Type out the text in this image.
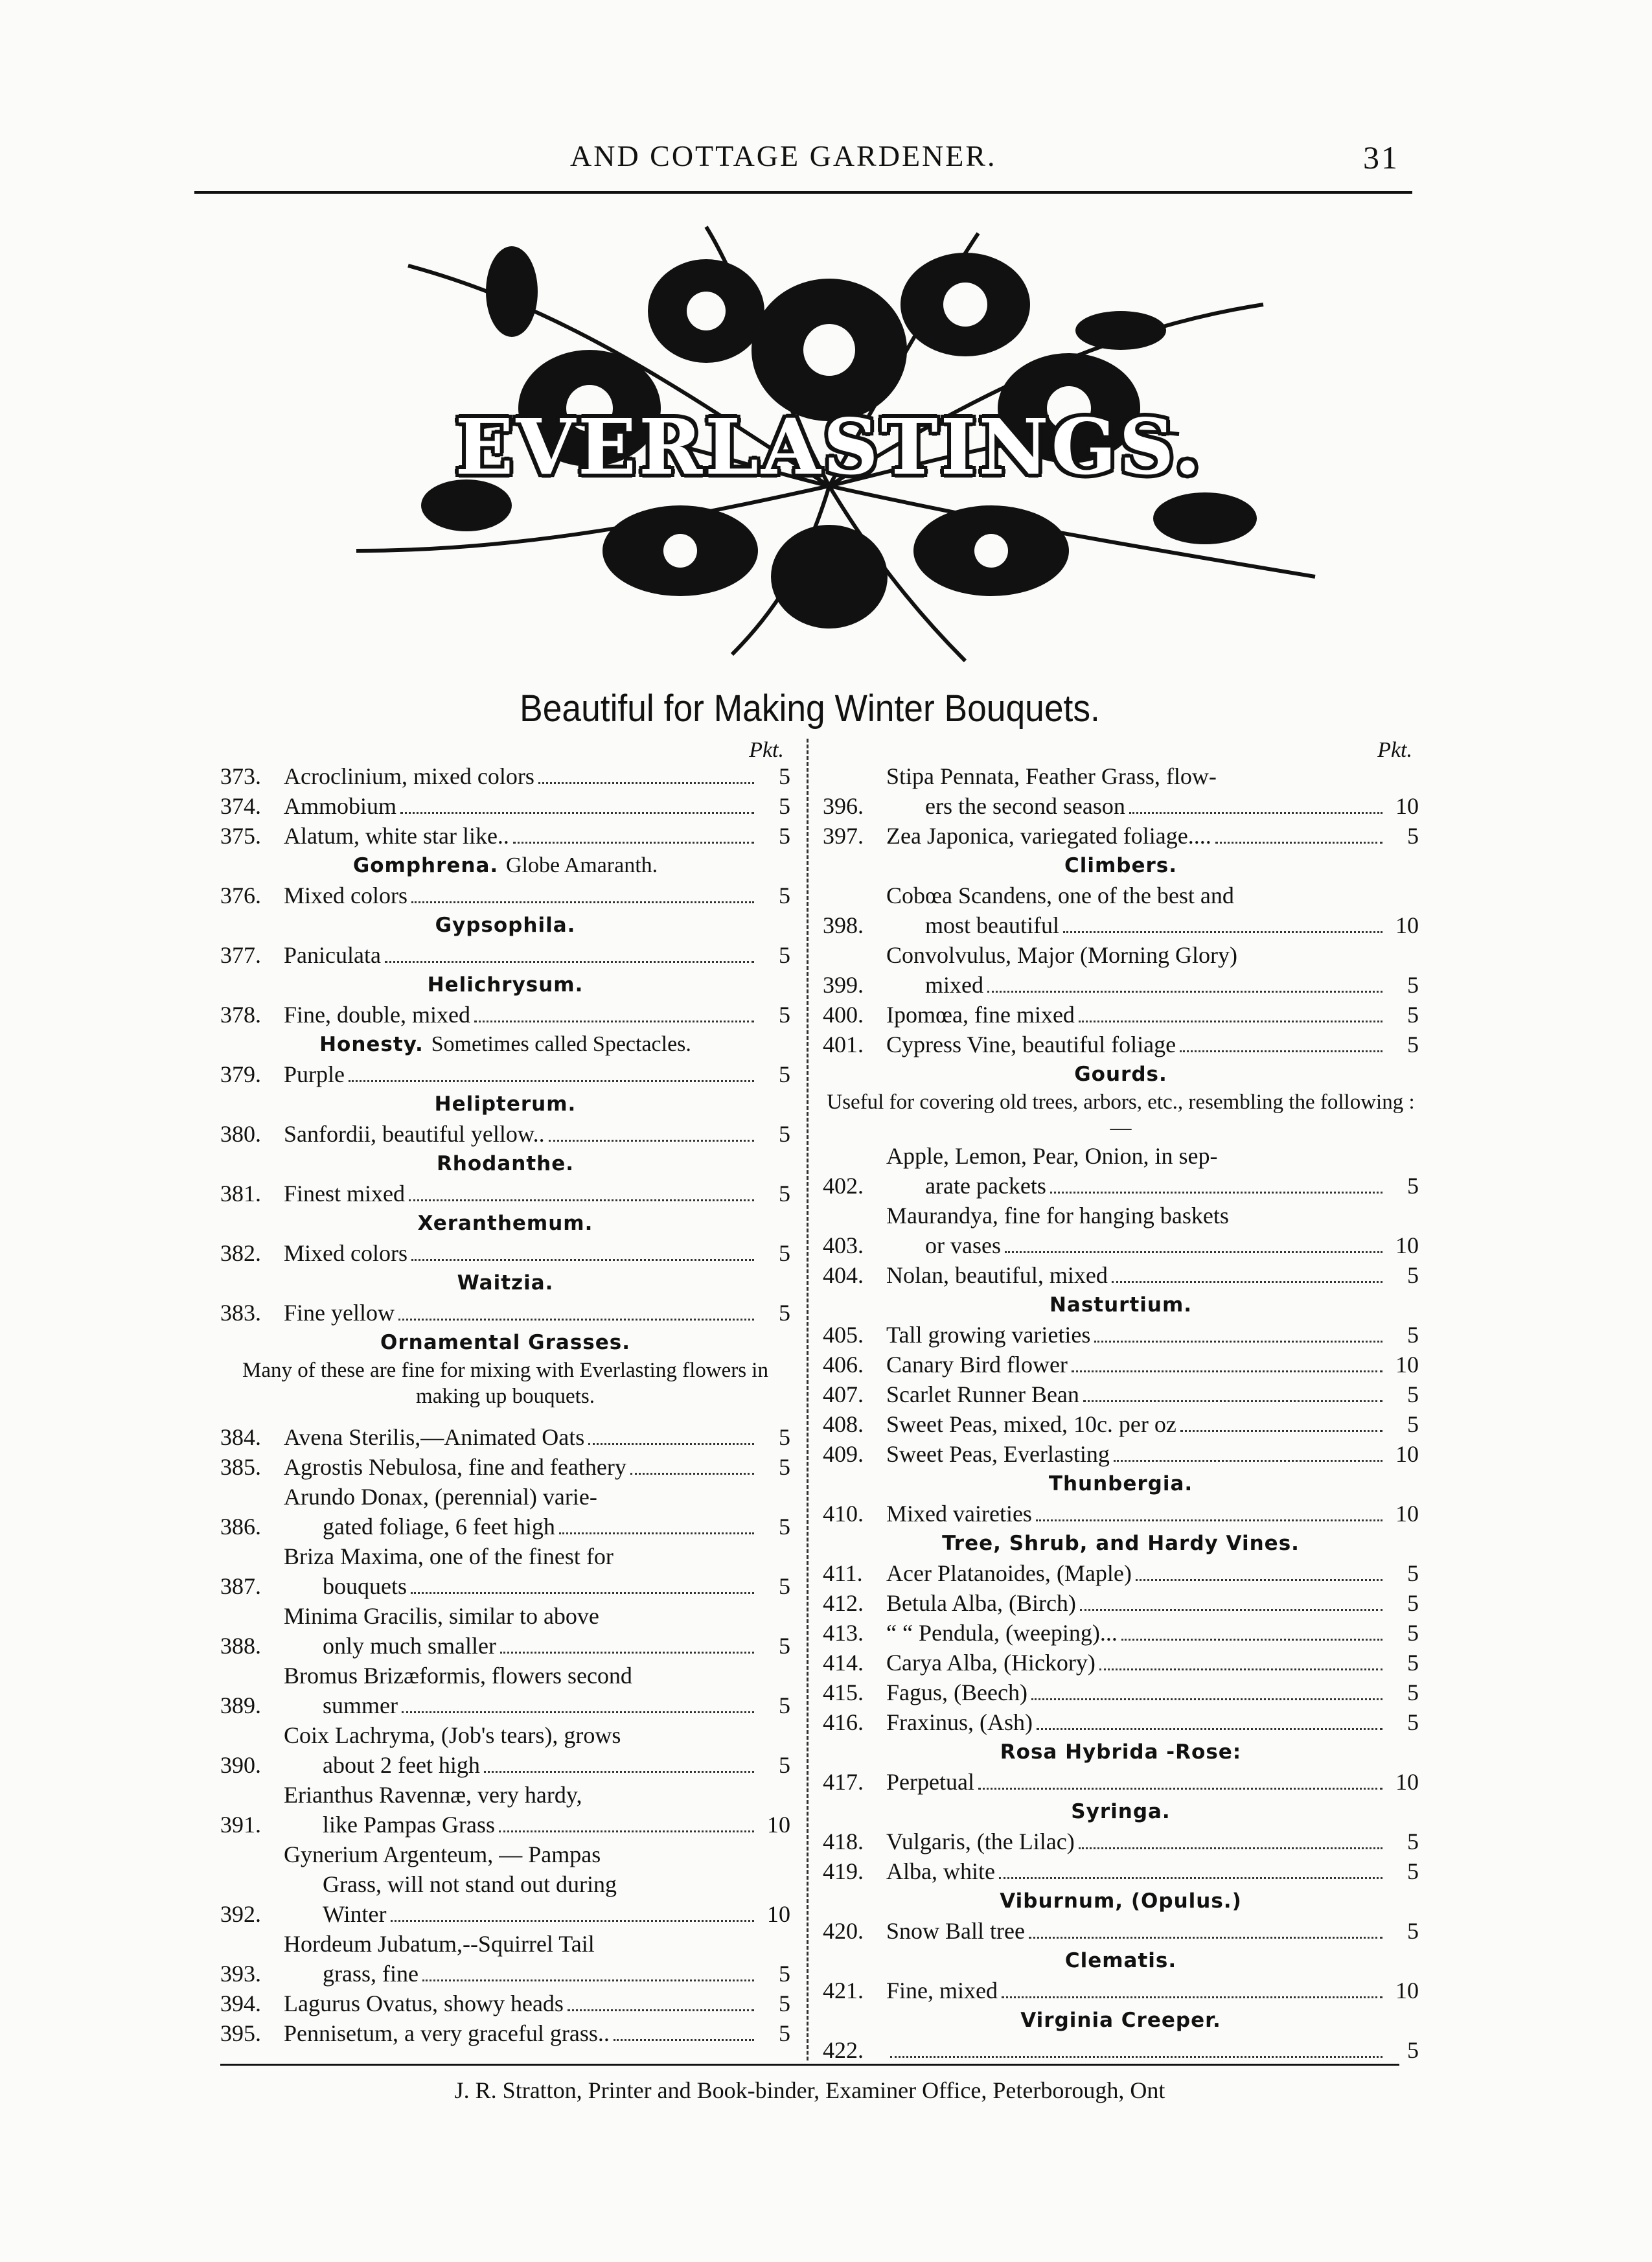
AND COTTAGE GARDENER.	31
EVERLASTINGS.
Beautiful for Making Winter Bouquets.
Pkt.
373. Acroclinium, mixed colors	5
374. Ammobium	5
375. Alatum, white star like..	5
Gomphrena. Globe Amaranth.
376. Mixed colors	5
Gypsophila.
377. Paniculata	5
Helichrysum.
378. Fine, double, mixed	5
Honesty. Sometimes called Spectacles.
379. Purple	5
Helipterum.
380. Sanfordii, beautiful yellow..	5
Rhodanthe.
381. Finest mixed	5
Xeranthemum.
382. Mixed colors	5
Waitzia.
383. Fine yellow	5
Ornamental Grasses.
Many of these are fine for mixing with Everlasting flowers in making up bouquets.
384. Avena Sterilis,—Animated Oats	5
385. Agrostis Nebulosa, fine and feathery	5
386.
Arundo Donax, (perennial) varie-
gated foliage, 6 feet high	5
387.
Briza Maxima, one of the finest for
bouquets	5
388.
Minima Gracilis, similar to above
only much smaller	5
389.
Bromus Brizæformis, flowers second
summer	5
390.
Coix Lachryma, (Job's tears), grows
about 2 feet high	5
391.
Erianthus Ravennæ, very hardy,
like Pampas Grass	10
392.
Gynerium Argenteum, — Pampas
Grass, will not stand out during
Winter	10
393.
Hordeum Jubatum,--Squirrel Tail
grass, fine	5
394. Lagurus Ovatus, showy heads	5
395. Pennisetum, a very graceful grass..	5
Pkt.
396.
Stipa Pennata, Feather Grass, flow-
ers the second season	10
397. Zea Japonica, variegated foliage....	5
Climbers.
398.
Cobœa Scandens, one of the best and
most beautiful	10
399.
Convolvulus, Major (Morning Glory)
mixed	5
400. Ipomœa, fine mixed	5
401. Cypress Vine, beautiful foliage	5
Gourds.
Useful for covering old trees, arbors, etc., resembling the following :—
402.
Apple, Lemon, Pear, Onion, in sep-
arate packets	5
403.
Maurandya, fine for hanging baskets
or vases	10
404. Nolan, beautiful, mixed	5
Nasturtium.
405. Tall growing varieties	5
406. Canary Bird flower	10
407. Scarlet Runner Bean	5
408. Sweet Peas, mixed, 10c. per oz	5
409. Sweet Peas, Everlasting	10
Thunbergia.
410. Mixed vaireties	10
Tree, Shrub, and Hardy Vines.
411.	Acer Platanoides, (Maple)	5
412. Betula Alba, (Birch)	5
413. “ “ Pendula, (weeping)...	5
414. Carya Alba, (Hickory)	5
415. Fagus, (Beech)	5
416. Fraxinus, (Ash)	5
Rosa Hybrida -Rose:
417. Perpetual	10
Syringa.
418. Vulgaris, (the Lilac)	5
419. Alba, white	5
Viburnum, (Opulus.)
420. Snow Ball tree	5
Clematis.
421. Fine, mixed	10
Virginia Creeper.
422.	5
J. R. Stratton, Printer and Book-binder, Examiner Office, Peterborough, Ont
